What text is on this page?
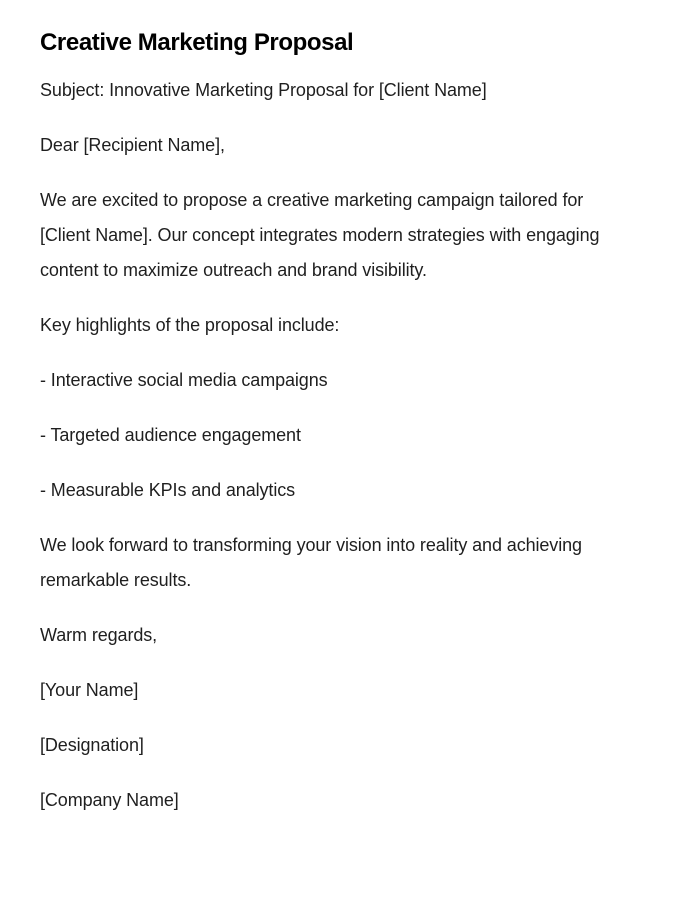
Creative Marketing Proposal

Subject: Innovative Marketing Proposal for [Client Name]

Dear [Recipient Name],

We are excited to propose a creative marketing campaign tailored for [Client Name]. Our concept integrates modern strategies with engaging content to maximize outreach and brand visibility.

Key highlights of the proposal include:

- Interactive social media campaigns

- Targeted audience engagement

- Measurable KPIs and analytics

We look forward to transforming your vision into reality and achieving remarkable results.

Warm regards,

[Your Name]

[Designation]

[Company Name]
